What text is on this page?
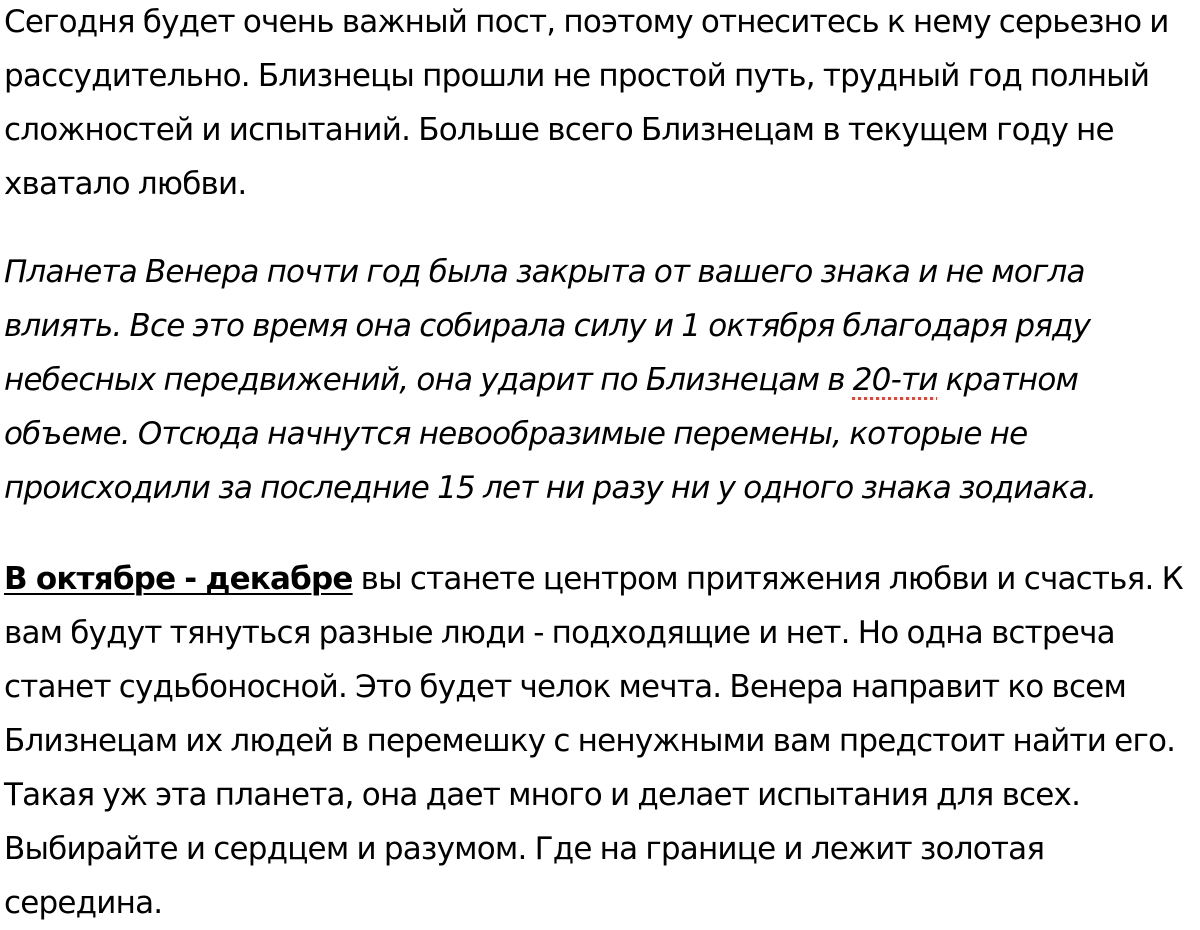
Сегодня будет очень важный пост, поэтому отнеситесь к нему серьезно и рассудительно. Близнецы прошли не простой путь, трудный год полный сложностей и испытаний. Больше всего Близнецам в текущем году не хватало любви.

Планета Венера почти год была закрыта от вашего знака и не могла влиять. Все это время она собирала силу и 1 октября благодаря ряду небесных передвижений, она ударит по Близнецам в 20-ти кратном объеме. Отсюда начнутся невообразимые перемены, которые не происходили за последние 15 лет ни разу ни у одного знака зодиака.

В октябре - декабре вы станете центром притяжения любви и счастья. К вам будут тянуться разные люди - подходящие и нет. Но одна встреча станет судьбоносной. Это будет челок мечта. Венера направит ко всем Близнецам их людей в перемешку с ненужными вам предстоит найти его. Такая уж эта планета, она дает много и делает испытания для всех. Выбирайте и сердцем и разумом. Где на границе и лежит золотая середина.
